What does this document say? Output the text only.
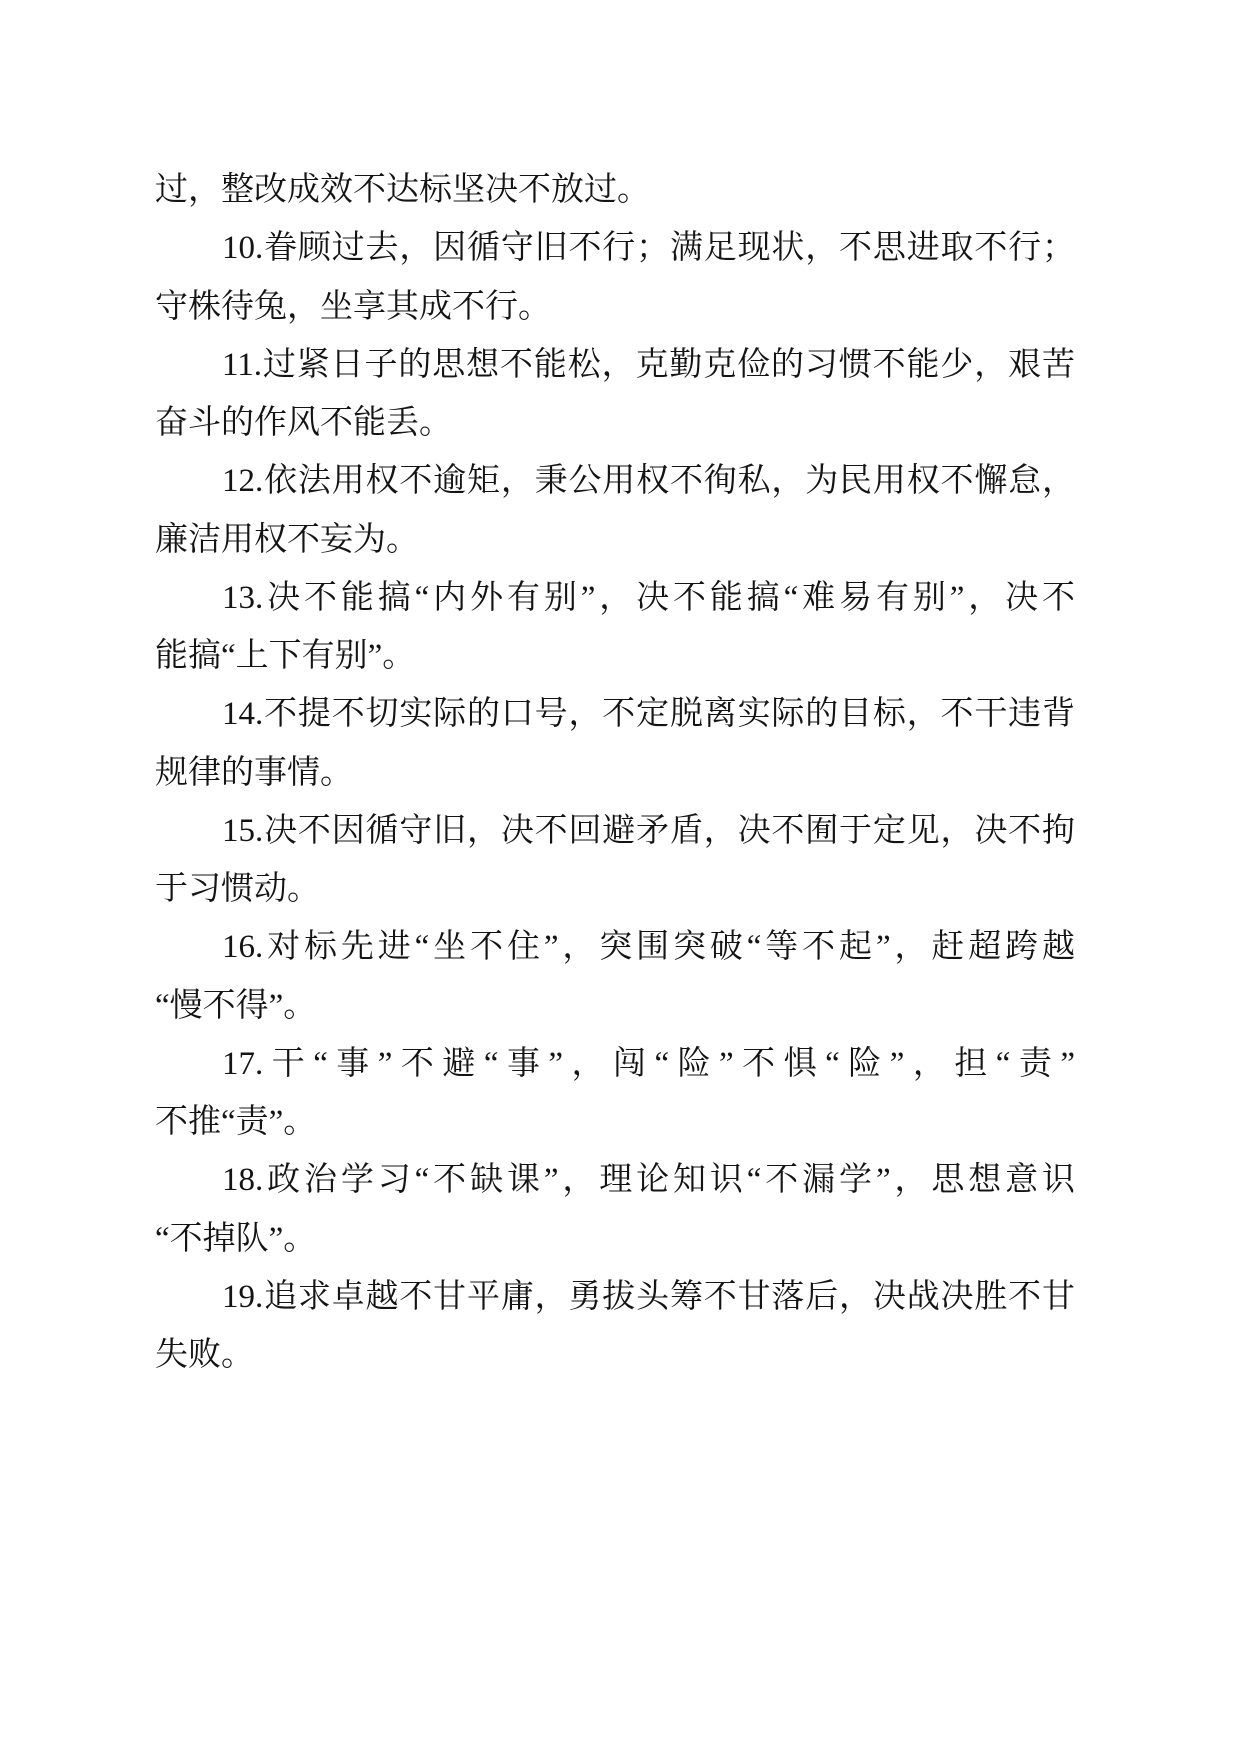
过，整改成效不达标坚决不放过。
10.眷顾过去，因循守旧不行；满足现状，不思进取不行；
守株待兔，坐享其成不行。
11.过紧日子的思想不能松，克勤克俭的习惯不能少，艰苦
奋斗的作风不能丢。
12.依法用权不逾矩，秉公用权不徇私，为民用权不懈怠，
廉洁用权不妄为。
13.决不能搞“内外有别”，决不能搞“难易有别”，决不
能搞“上下有别”。
14.不提不切实际的口号，不定脱离实际的目标，不干违背
规律的事情。
15.决不因循守旧，决不回避矛盾，决不囿于定见，决不拘
于习惯动。
16.对标先进“坐不住”，突围突破“等不起”，赶超跨越
“慢不得”。
17.干“事”不避“事”，闯“险”不惧“险”，担“责”
不推“责”。
18.政治学习“不缺课”，理论知识“不漏学”，思想意识
“不掉队”。
19.追求卓越不甘平庸，勇拔头筹不甘落后，决战决胜不甘
失败。
